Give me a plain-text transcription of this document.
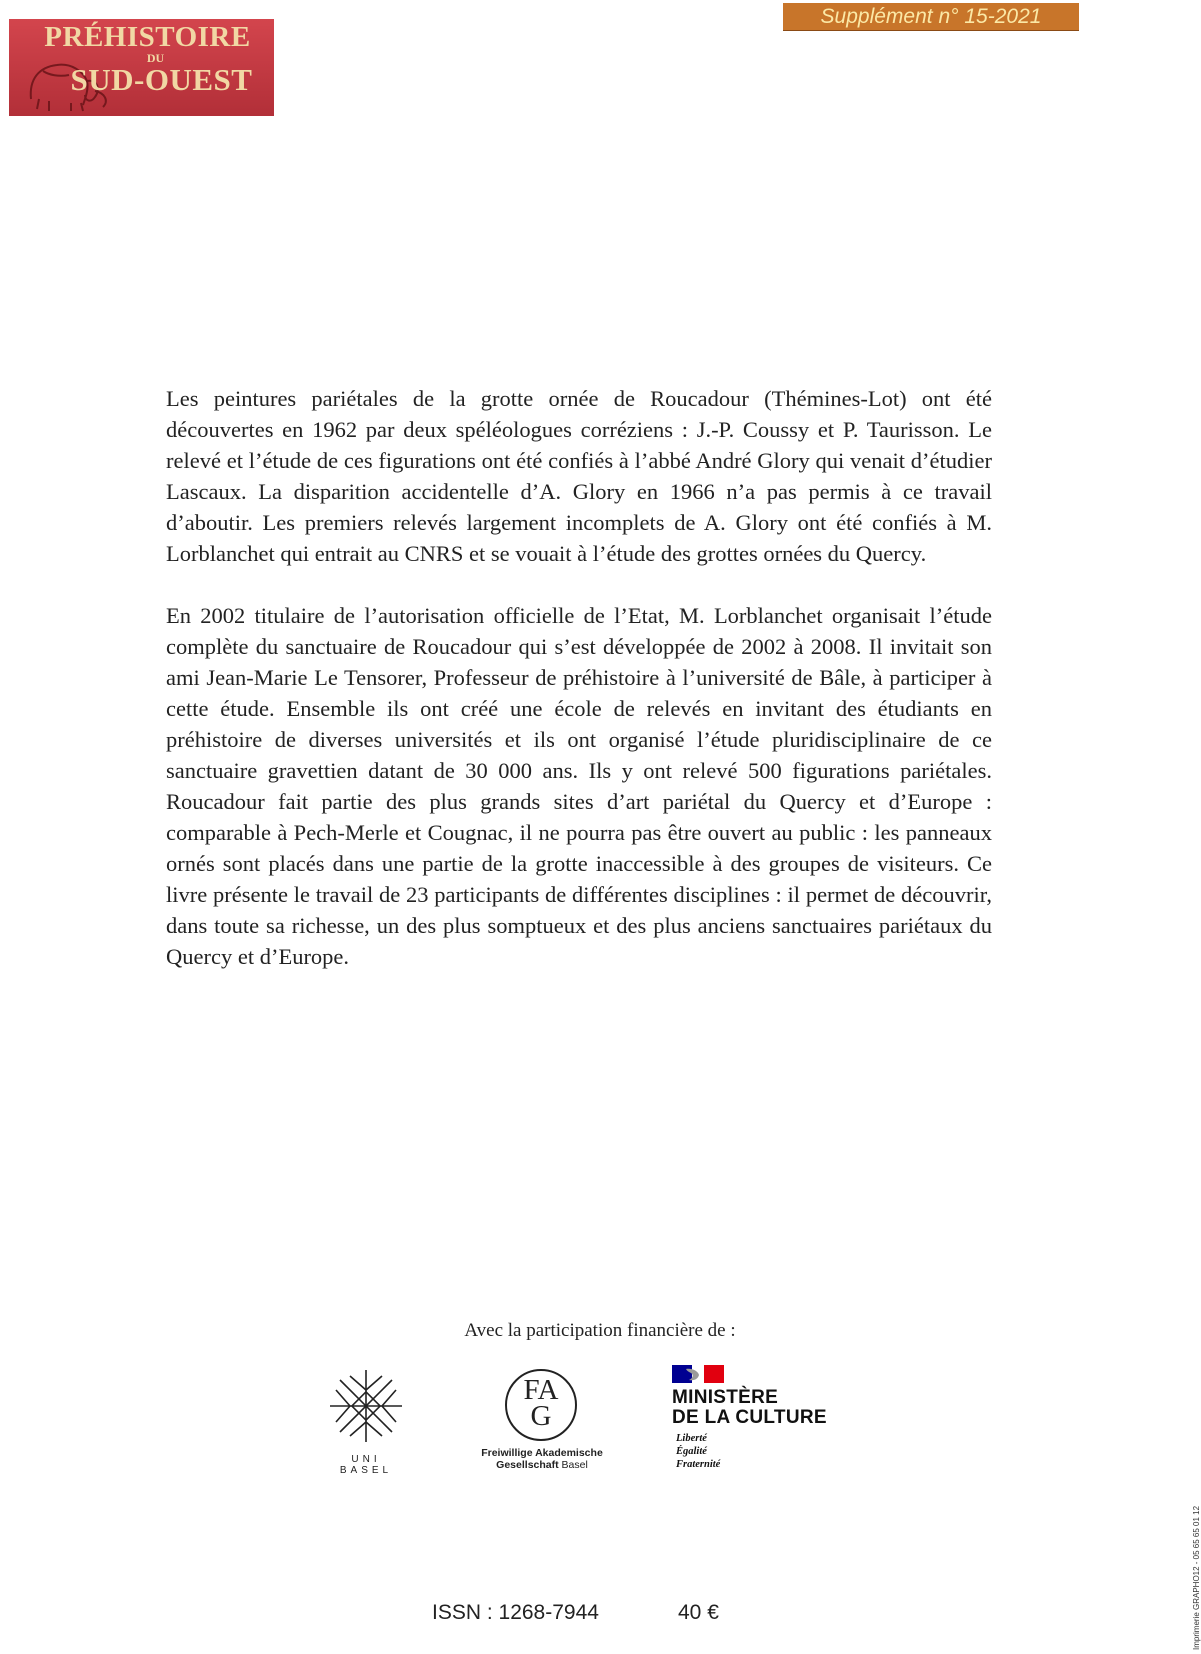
PRÉHISTOIRE
DU
SUD-OUEST
Supplément n° 15-2021

Les peintures pariétales de la grotte ornée de Roucadour (Thémines-Lot) ont été découvertes en 1962 par deux spéléologues corréziens : J.-P. Coussy et P. Taurisson. Le relevé et l’étude de ces figurations ont été confiés à l’abbé André Glory qui venait d’étudier Lascaux. La disparition accidentelle d’A. Glory en 1966 n’a pas permis à ce travail d’aboutir. Les premiers relevés largement incomplets de A. Glory ont été confiés à M. Lorblanchet qui entrait au CNRS et se vouait à l’étude des grottes ornées du Quercy.

En 2002 titulaire de l’autorisation officielle de l’Etat, M. Lorblanchet organisait l’étude complète du sanctuaire de Roucadour qui s’est développée de 2002 à 2008. Il invitait son ami Jean-Marie Le Tensorer, Professeur de préhistoire à l’université de Bâle, à participer à cette étude. Ensemble ils ont créé une école de relevés en invitant des étudiants en préhistoire de diverses universités et ils ont organisé l’étude pluridisciplinaire de ce sanctuaire gravettien datant de 30 000 ans. Ils y ont relevé 500 figurations pariétales. Roucadour fait partie des plus grands sites d’art pariétal du Quercy et d’Europe : comparable à Pech-Merle et Cougnac, il ne pourra pas être ouvert au public : les panneaux ornés sont placés dans une partie de la grotte inaccessible à des groupes de visiteurs. Ce livre présente le travail de 23 participants de différentes disciplines : il permet de découvrir, dans toute sa richesse, un des plus somptueux et des plus anciens sanctuaires pariétaux du Quercy et d’Europe.

Avec la participation financière de :
UNI
BASEL
FA
G
Freiwillige Akademische
Gesellschaft Basel
MINISTÈRE
DE LA CULTURE
Liberté
Égalité
Fraternité
ISSN : 1268-7944	40 €	Imprimerie GRAPHO12 - 05 65 65 01 12
